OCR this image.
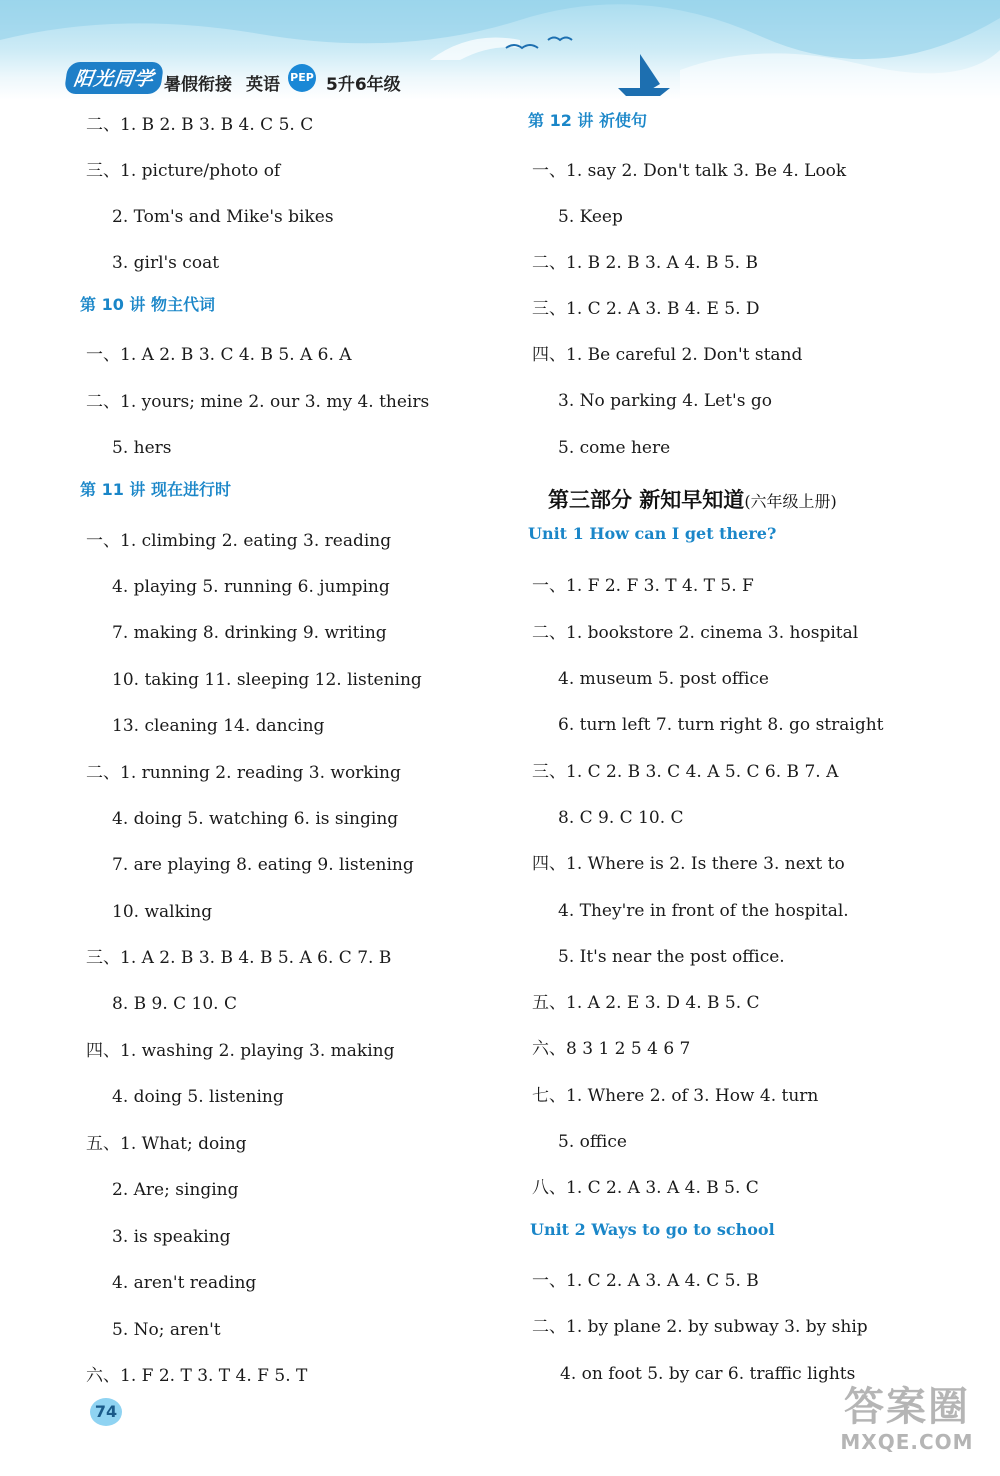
阳光同学 暑假衔接 英语 PEP 5升6年级
二、1. B 2. B 3. B 4. C 5. C
三、1. picture/photo of
2. Tom's and Mike's bikes
3. girl's coat
第 10 讲 物主代词
一、1. A 2. B 3. C 4. B 5. A 6. A
二、1. yours; mine 2. our 3. my 4. theirs
5. hers
第 11 讲 现在进行时
一、1. climbing 2. eating 3. reading
4. playing 5. running 6. jumping
7. making 8. drinking 9. writing
10. taking 11. sleeping 12. listening
13. cleaning 14. dancing
二、1. running 2. reading 3. working
4. doing 5. watching 6. is singing
7. are playing 8. eating 9. listening
10. walking
三、1. A 2. B 3. B 4. B 5. A 6. C 7. B
8. B 9. C 10. C
四、1. washing 2. playing 3. making
4. doing 5. listening
五、1. What; doing
2. Are; singing
3. is speaking
4. aren't reading
5. No; aren't
六、1. F 2. T 3. T 4. F 5. T
第 12 讲 祈使句
一、1. say 2. Don't talk 3. Be 4. Look
5. Keep
二、1. B 2. B 3. A 4. B 5. B
三、1. C 2. A 3. B 4. E 5. D
四、1. Be careful 2. Don't stand
3. No parking 4. Let's go
5. come here
第三部分 新知早知道(六年级上册)
Unit 1 How can I get there?
一、1. F 2. F 3. T 4. T 5. F
二、1. bookstore 2. cinema 3. hospital
4. museum 5. post office
6. turn left 7. turn right 8. go straight
三、1. C 2. B 3. C 4. A 5. C 6. B 7. A
8. C 9. C 10. C
四、1. Where is 2. Is there 3. next to
4. They're in front of the hospital.
5. It's near the post office.
五、1. A 2. E 3. D 4. B 5. C
六、8 3 1 2 5 4 6 7
七、1. Where 2. of 3. How 4. turn
5. office
八、1. C 2. A 3. A 4. B 5. C
Unit 2 Ways to go to school
一、1. C 2. A 3. A 4. C 5. B
二、1. by plane 2. by subway 3. by ship
4. on foot 5. by car 6. traffic lights
74	答案圈
MXQE.COM
